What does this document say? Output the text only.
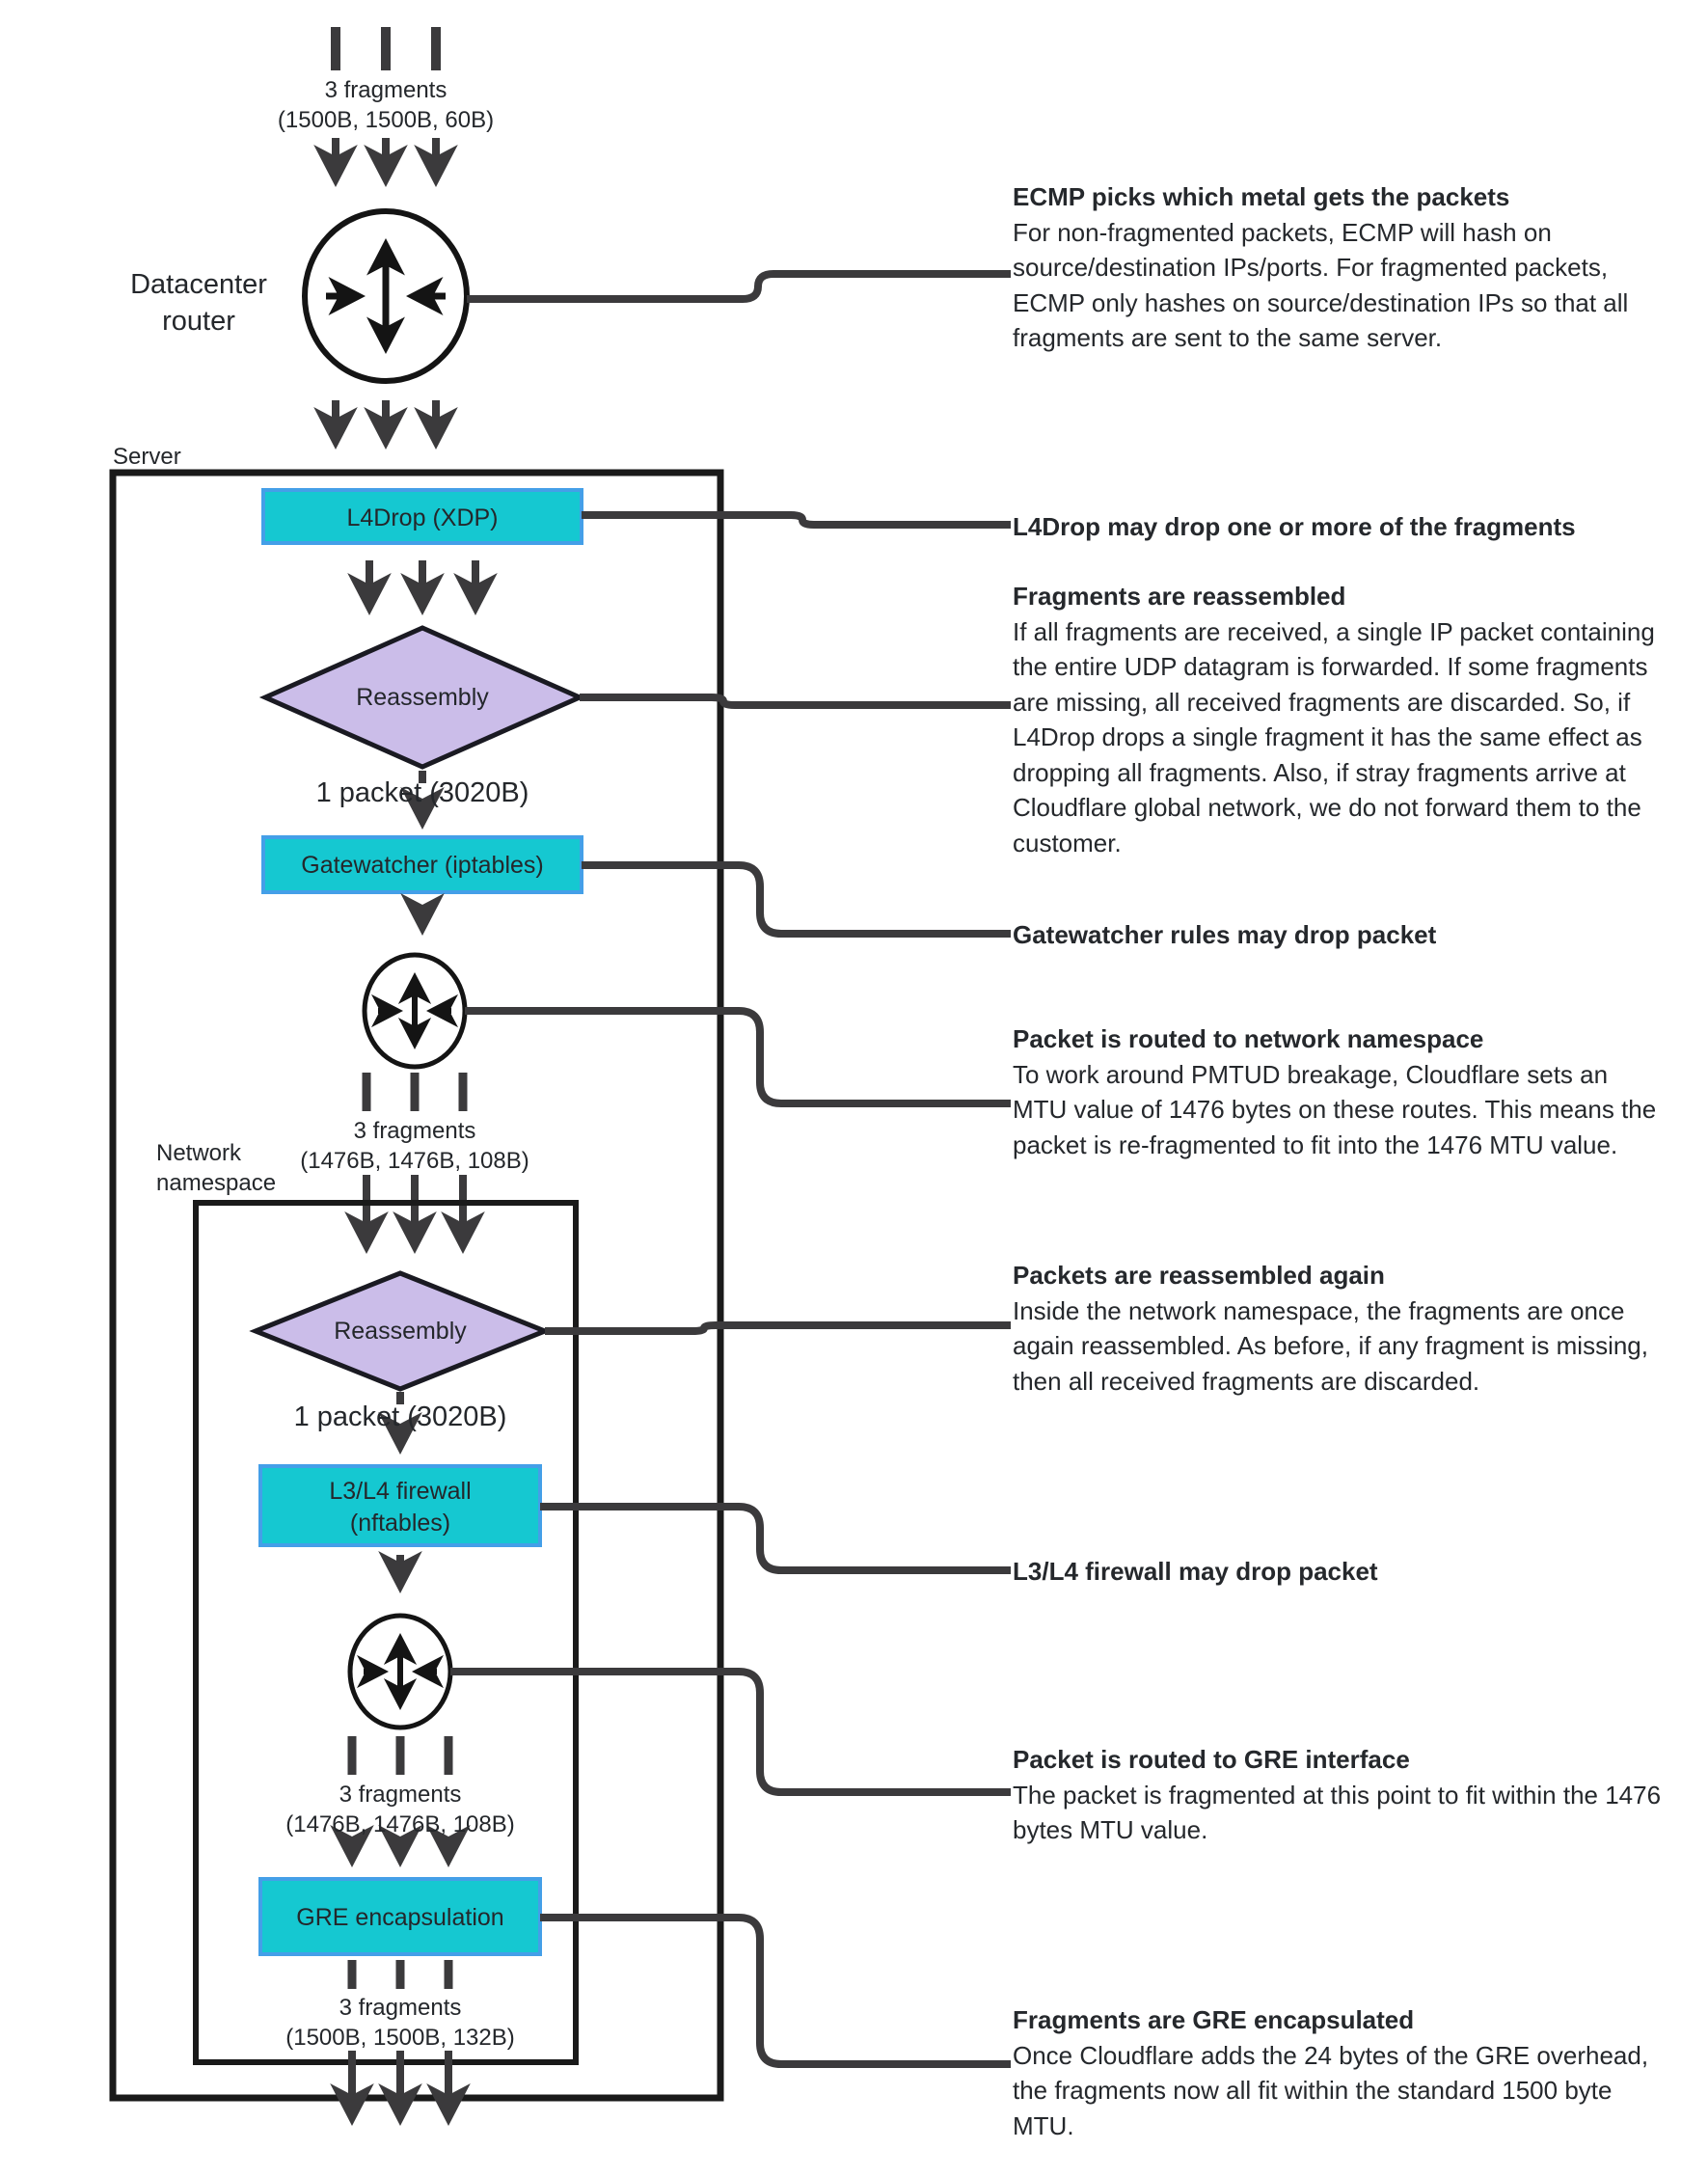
3 fragments
(1500B, 1500B, 60B)
Datacenter
router
Server
L4Drop (XDP)
Reassembly
1 packet (3020B)
Gatewatcher (iptables)
3 fragments
(1476B, 1476B, 108B)
Network
namespace
Reassembly
1 packet (3020B)
L3/L4 firewall
(nftables)
3 fragments
(1476B, 1476B, 108B)
GRE encapsulation
3 fragments
(1500B, 1500B, 132B)
ECMP picks which metal gets the packets
For non-fragmented packets, ECMP will hash on source/destination IPs/ports. For fragmented packets, ECMP only hashes on source/destination IPs so that all fragments are sent to the same server.
L4Drop may drop one or more of the fragments
Fragments are reassembled
If all fragments are received, a single IP packet containing the entire UDP datagram is forwarded. If some fragments are missing, all received fragments are discarded. So, if L4Drop drops a single fragment it has the same effect as dropping all fragments. Also, if stray fragments arrive at Cloudflare global network, we do not forward them to the customer.
Gatewatcher rules may drop packet
Packet is routed to network namespace
To work around PMTUD breakage, Cloudflare sets an MTU value of 1476 bytes on these routes. This means the packet is re-fragmented to fit into the 1476 MTU value.
Packets are reassembled again
Inside the network namespace, the fragments are once again reassembled. As before, if any fragment is missing, then all received fragments are discarded.
L3/L4 firewall may drop packet
Packet is routed to GRE interface
The packet is fragmented at this point to fit within the 1476 bytes MTU value.
Fragments are GRE encapsulated
Once Cloudflare adds the 24 bytes of the GRE overhead, the fragments now all fit within the standard 1500 byte MTU.
